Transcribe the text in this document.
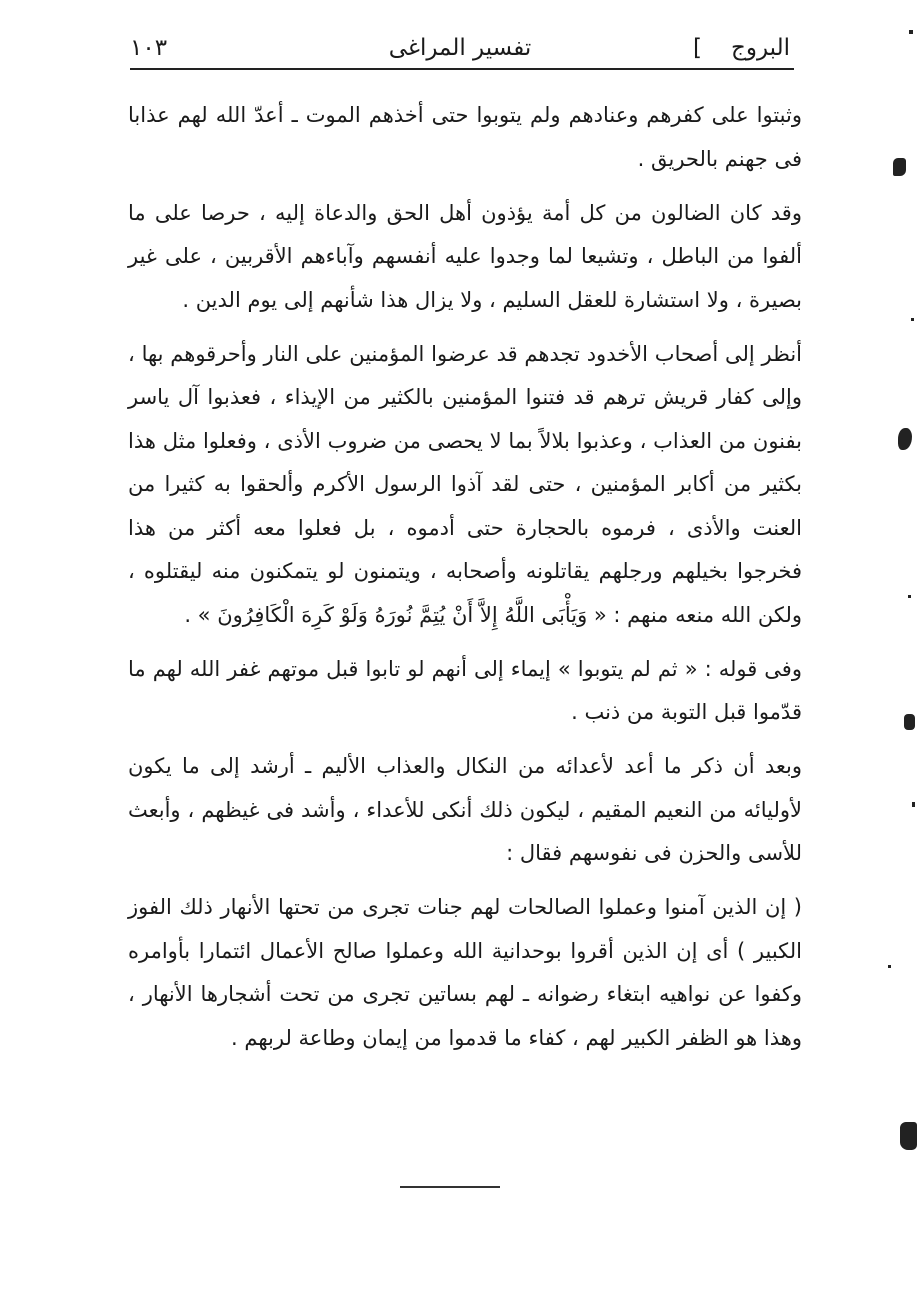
البروج
]
تفسير المراغى
١٠٣

وثبتوا على كفرهم وعنادهم ولم يتوبوا حتى أخذهم الموت ـ أعدّ الله لهم عذابا فى جهنم بالحريق .

وقد كان الضالون من كل أمة يؤذون أهل الحق والدعاة إليه ، حرصا على ما ألفوا من الباطل ، وتشيعا لما وجدوا عليه أنفسهم وآباءهم الأقربين ، على غير بصيرة ، ولا استشارة للعقل السليم ، ولا يزال هذا شأنهم إلى يوم الدين .

أنظر إلى أصحاب الأخدود تجدهم قد عرضوا المؤمنين على النار وأحرقوهم بها ، وإلى كفار قريش ترهم قد فتنوا المؤمنين بالكثير من الإيذاء ، فعذبوا آل ياسر بفنون من العذاب ، وعذبوا بلالاً بما لا يحصى من ضروب الأذى ، وفعلوا مثل هذا بكثير من أكابر المؤمنين ، حتى لقد آذوا الرسول الأكرم وألحقوا به كثيرا من العنت والأذى ، فرموه بالحجارة حتى أدموه ، بل فعلوا معه أكثر من هذا فخرجوا بخيلهم ورجلهم يقاتلونه وأصحابه ، ويتمنون لو يتمكنون منه ليقتلوه ، ولكن الله منعه منهم : « وَيَأْبَى اللَّهُ إِلاَّ أَنْ يُتِمَّ نُورَهُ وَلَوْ كَرِهَ الْكَافِرُونَ » .

وفى قوله : « ثم لم يتوبوا » إيماء إلى أنهم لو تابوا قبل موتهم غفر الله لهم ما قدّموا قبل التوبة من ذنب .

وبعد أن ذكر ما أعد لأعدائه من النكال والعذاب الأليم ـ أرشد إلى ما يكون لأوليائه من النعيم المقيم ، ليكون ذلك أنكى للأعداء ، وأشد فى غيظهم ، وأبعث للأسى والحزن فى نفوسهم فقال :

( إن الذين آمنوا وعملوا الصالحات لهم جنات تجرى من تحتها الأنهار ذلك الفوز الكبير ) أى إن الذين أقروا بوحدانية الله وعملوا صالح الأعمال ائتمارا بأوامره وكفوا عن نواهيه ابتغاء رضوانه ـ لهم بساتين تجرى من تحت أشجارها الأنهار ، وهذا هو الظفر الكبير لهم ، كفاء ما قدموا من إيمان وطاعة لربهم .
